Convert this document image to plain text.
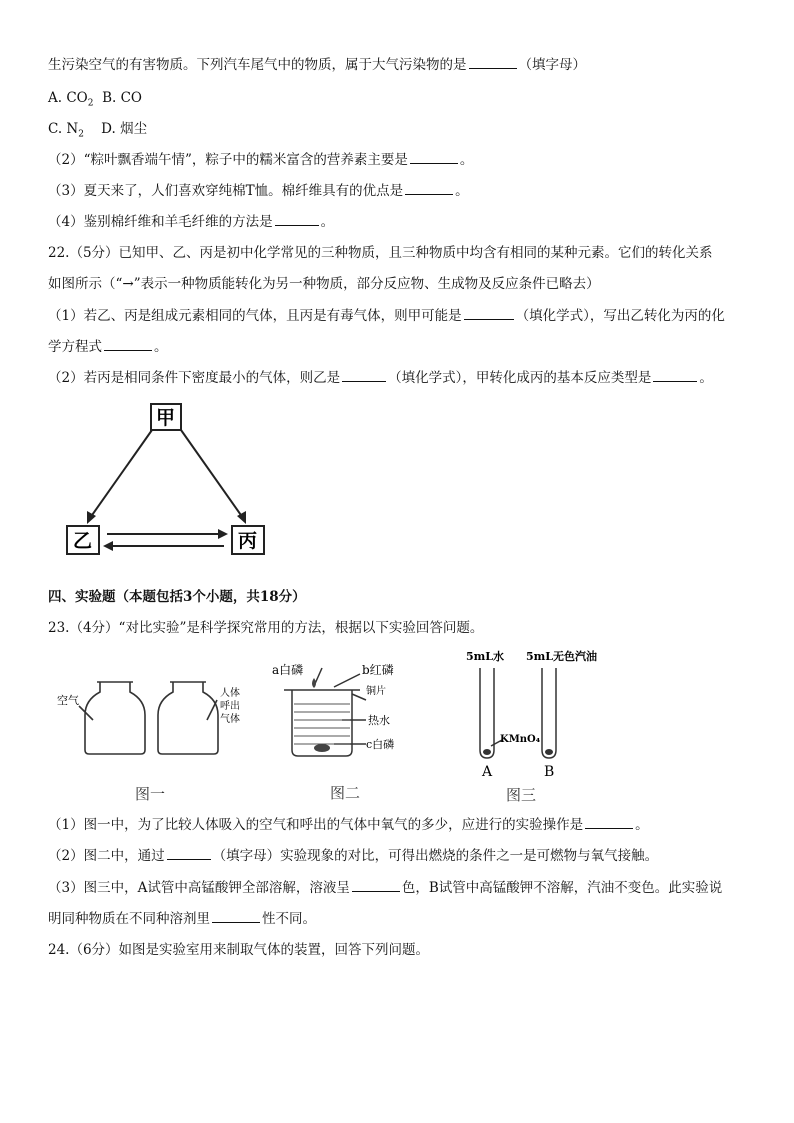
生污染空气的有害物质。下列汽车尾气中的物质，属于大气污染物的是	（填字母）
A. $CO_2$ B. CO
C. $N_2$ D. 烟尘
（2）“粽叶飘香端午情”，粽子中的糯米富含的营养素主要是	。
（3）夏天来了，人们喜欢穿纯棉T恤。棉纤维具有的优点是	。
（4）鉴别棉纤维和羊毛纤维的方法是	。
22.（5分）已知甲、乙、丙是初中化学常见的三种物质，且三种物质中均含有相同的某种元素。它们的转化关系
如图所示（“→”表示一种物质能转化为另一种物质，部分反应物、生成物及反应条件已略去）
（1）若乙、丙是组成元素相同的气体，且丙是有毒气体，则甲可能是	（填化学式），写出乙转化为丙的化
学方程式	。
（2）若丙是相同条件下密度最小的气体，则乙是	（填化学式），甲转化成丙的基本反应类型是	。
甲
乙	丙
四、实验题（本题包括3个小题，共18分）
23.（4分）“对比实验”是科学探究常用的方法，根据以下实验回答问题。
空气
人体呼出气体
图一
a白磷	b红磷
铜片
热水
c白磷
图二
5mL水 5mL无色汽油
KMnO₄
A	B
图三
（1）图一中，为了比较人体吸入的空气和呼出的气体中氧气的多少，应进行的实验操作是	。
（2）图二中，通过	（填字母）实验现象的对比，可得出燃烧的条件之一是可燃物与氧气接触。
（3）图三中，A试管中高锰酸钾全部溶解，溶液呈	色，B试管中高锰酸钾不溶解，汽油不变色。此实验说
明同种物质在不同种溶剂里	性不同。
24.（6分）如图是实验室用来制取气体的装置，回答下列问题。
